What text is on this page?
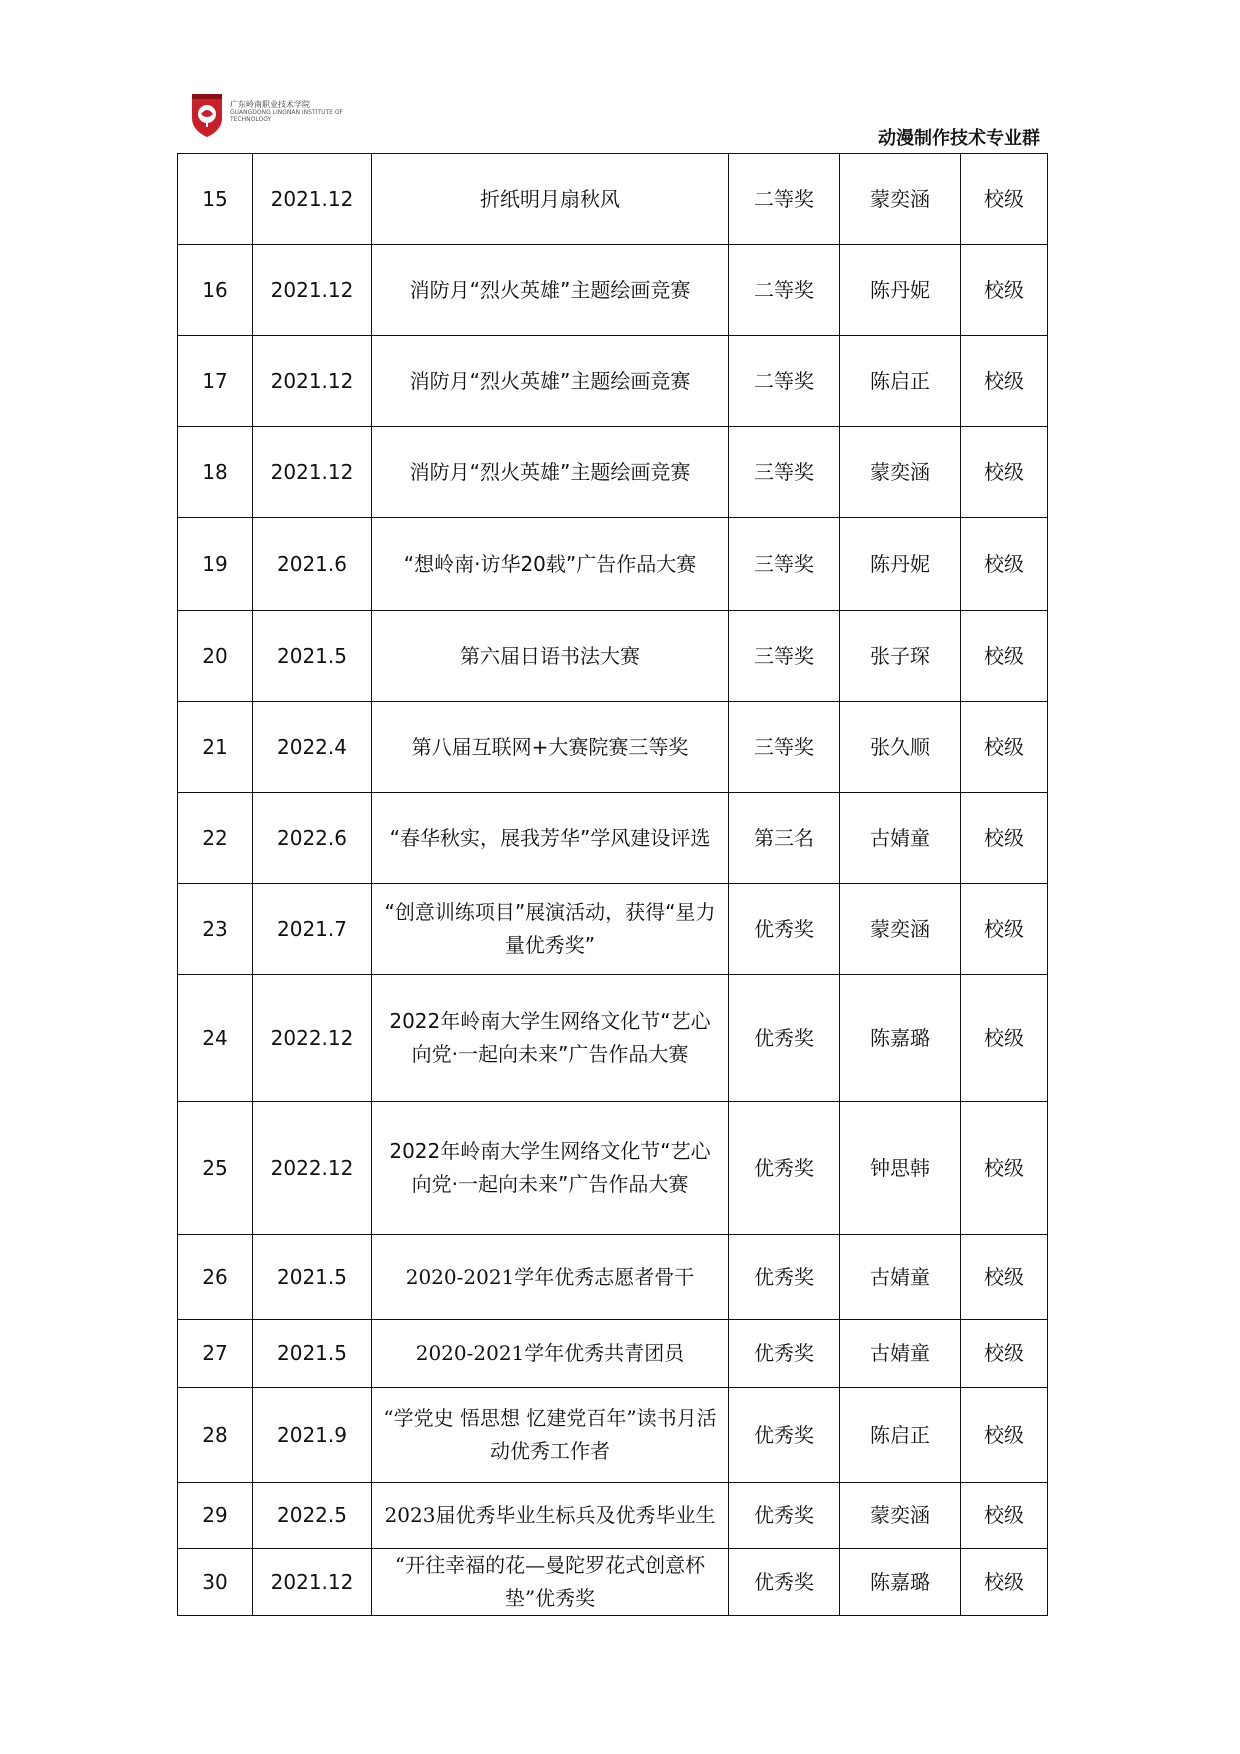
广东岭南职业技术学院
GUANGDONG LINGNAN INSTITUTE OF TECHNOLOGY
动漫制作技术专业群
15	2021.12	折纸明月扇秋风	二等奖	蒙奕涵	校级
16	2021.12	消防月“烈火英雄”主题绘画竞赛	二等奖	陈丹妮	校级
17	2021.12	消防月“烈火英雄”主题绘画竞赛	二等奖	陈启正	校级
18	2021.12	消防月“烈火英雄”主题绘画竞赛	三等奖	蒙奕涵	校级
19	2021.6	“想岭南·访华20载”广告作品大赛	三等奖	陈丹妮	校级
20	2021.5	第六届日语书法大赛	三等奖	张子琛	校级
21	2022.4	第八届互联网+大赛院赛三等奖	三等奖	张久顺	校级
22	2022.6	“春华秋实，展我芳华”学风建设评选	第三名	古婧童	校级
23	2021.7	“创意训练项目”展演活动，获得“星力量优秀奖”	优秀奖	蒙奕涵	校级
24	2022.12	2022年岭南大学生网络文化节“艺心向党·一起向未来”广告作品大赛	优秀奖	陈嘉璐	校级
25	2022.12	2022年岭南大学生网络文化节“艺心向党·一起向未来”广告作品大赛	优秀奖	钟思韩	校级
26	2021.5	2020-2021学年优秀志愿者骨干	优秀奖	古婧童	校级
27	2021.5	2020-2021学年优秀共青团员	优秀奖	古婧童	校级
28	2021.9	“学党史 悟思想 忆建党百年”读书月活动优秀工作者	优秀奖	陈启正	校级
29	2022.5	2023届优秀毕业生标兵及优秀毕业生	优秀奖	蒙奕涵	校级
30	2021.12	“开往幸福的花—曼陀罗花式创意杯垫”优秀奖	优秀奖	陈嘉璐	校级
